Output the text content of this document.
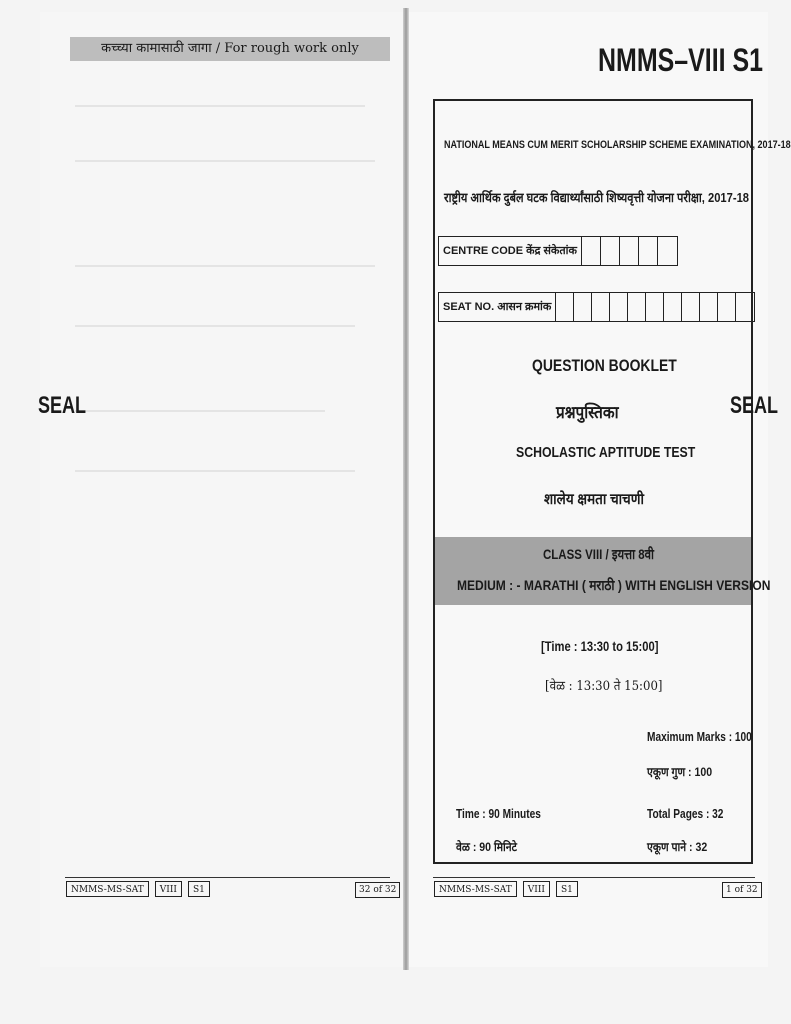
कच्च्या कामासाठी जागा / For rough work only
SEAL
NMMS-MS-SAT	VIII	S1	32 of 32
NMMS–VIII S1
NATIONAL MEANS CUM MERIT SCHOLARSHIP SCHEME EXAMINATION, 2017-18
राष्ट्रीय आर्थिक दुर्बल घटक विद्यार्थ्यांसाठी शिष्यवृत्ती योजना परीक्षा, 2017-18
CENTRE CODE केंद्र संकेतांक
SEAT NO. आसन क्रमांक
SEAL
QUESTION BOOKLET
प्रश्नपुस्तिका
SCHOLASTIC APTITUDE TEST
शालेय क्षमता चाचणी
CLASS VIII / इयत्ता 8वी
MEDIUM : - MARATHI ( मराठी ) WITH ENGLISH VERSION
[Time : 13:30 to 15:00]
[वेळ : 13:30 ते 15:00]
Maximum Marks : 100
एकूण गुण : 100
Time : 90 Minutes
वेळ : 90 मिनिटे
Total Pages : 32
एकूण पाने : 32
NMMS-MS-SAT	VIII	S1	1 of 32
